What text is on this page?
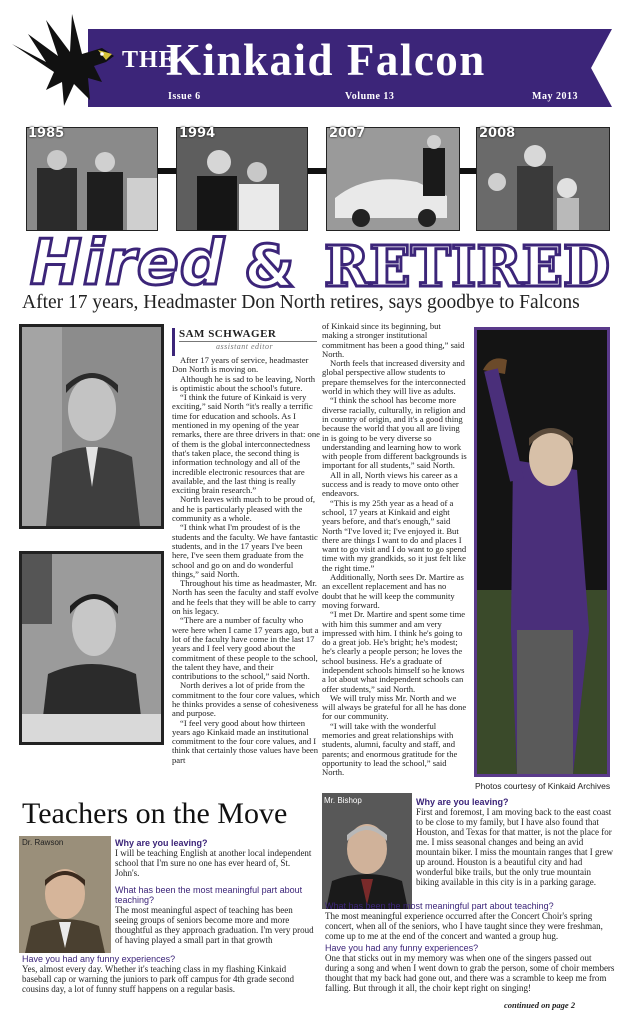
THE
Kinkaid Falcon
Issue 6	Volume 13	May 2013
1985	1994	2007	2008
Hired & RETIRED
After 17 years, Headmaster Don North retires, says goodbye to Falcons
Photos courtesy of Kinkaid Archives
SAM SCHWAGER
assistant editor

After 17 years of service, headmaster Don North is moving on.

Although he is sad to be leaving, North is optimistic about the school's future.

“I think the future of Kinkaid is very exciting,” said North “it's really a terrific time for education and schools. As I mentioned in my opening of the year remarks, there are three drivers in that: one of them is the global interconnectedness that's taken place, the second thing is information technology and all of the incredible electronic resources that are available, and the last thing is really exciting brain research.”

North leaves with much to be proud of, and he is particularly pleased with the community as a whole.

“I think what I'm proudest of is the students and the faculty. We have fantastic students, and in the 17 years I've been here, I've seen them graduate from the school and go on and do wonderful things,” said North.

Throughout his time as headmaster, Mr. North has seen the faculty and staff evolve and he feels that they will be able to carry on his legacy.

“There are a number of faculty who were here when I came 17 years ago, but a lot of the faculty have come in the last 17 years and I feel very good about the commitment of these people to the school, the talent they have, and their contributions to the school,” said North.

North derives a lot of pride from the commitment to the four core values, which he thinks provides a sense of cohesiveness and purpose.

“I feel very good about how thirteen years ago Kinkaid made an institutional commitment to the four core values, and I think that certainly those values have been part

of Kinkaid since its beginning, but making a stronger institutional commitment has been a good thing,” said North.

North feels that increased diversity and global perspective allow students to prepare themselves for the interconnected world in which they will live as adults.

“I think the school has become more diverse racially, culturally, in religion and in country of origin, and it's a good thing because the world that you all are living in is going to be very diverse so understanding and learning how to work with people from different backgrounds is important for all students,” said North.

All in all, North views his career as a success and is ready to move onto other endeavors.

“This is my 25th year as a head of a school, 17 years at Kinkaid and eight years before, and that's enough,” said North “I've loved it; I've enjoyed it. But there are things I want to do and places I want to go visit and I do want to go spend time with my grandkids, so it just felt like the right time.”

Additionally, North sees Dr. Martire as an excellent replacement and has no doubt that he will keep the community moving forward.

“I met Dr. Martire and spent some time with him this summer and am very impressed with him. I think he's going to do a great job. He's bright; he's modest; he's clearly a people person; he loves the school business. He's a graduate of independent schools himself so he knows a lot about what independent schools can offer students,” said North.

We will truly miss Mr. North and we will always be grateful for all he has done for our community.

“I will take with the wonderful memories and great relationships with students, alumni, faculty and staff, and parents; and enormous gratitude for the opportunity to lead the school,” said North.

Teachers on the Move
Dr. Rawson	Why are you leaving?
I will be teaching English at another local independent school that I'm sure no one has ever heard of, St. John's.
What has been the most meaningful part about teaching?
The most meaningful aspect of teaching has been seeing groups of seniors become more and more thoughtful as they approach graduation. I'm very proud of having played a small part in that growth
Have you had any funny experiences?
Yes, almost every day. Whether it's teaching class in my flashing Kinkaid baseball cap or warning the juniors to park off campus for 4th grade second cousins day, a lot of funny stuff happens on a regular basis.
Mr. Bishop	Why are you leaving?
First and foremost, I am moving back to the east coast to be close to my family, but I have also found that Houston, and Texas for that matter, is not the place for me. I miss seasonal changes and being an avid mountain biker. I miss the mountain ranges that I grew up around. Houston is a beautiful city and had wonderful bike trails, but the only true mountain biking available in this city is in a parking garage.
What has been the most meaningful part about teaching?
The most meaningful experience occurred after the Concert Choir's spring concert, when all of the seniors, who I have taught since they were freshman, come up to me at the end of the concert and wanted a group hug.
Have you had any funny experiences?
One that sticks out in my memory was when one of the singers passed out during a song and when I went down to grab the person, some of choir members thought that my back had gone out, and there was a scramble to keep me from falling. But through it all, the choir kept right on singing!
continued on page 2
